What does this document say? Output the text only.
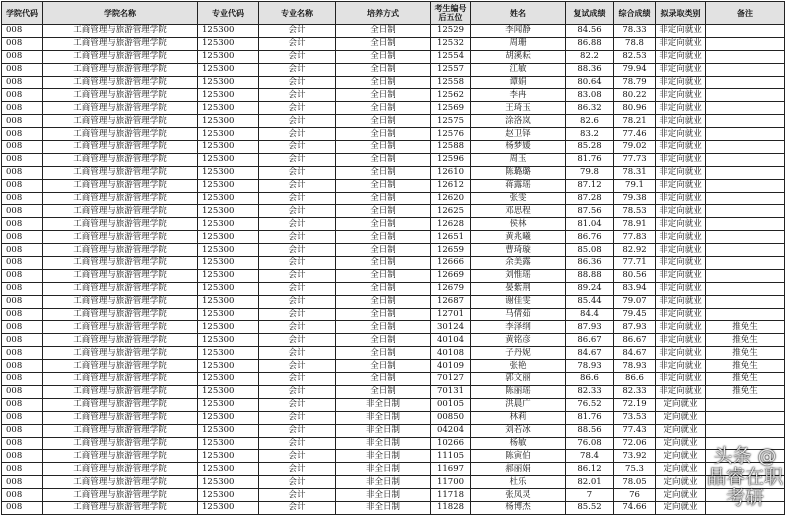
学院代码	学院名称	专业代码	专业名称	培养方式	考生编号后五位	姓名	复试成绩	综合成绩	拟录取类别	备注
008	工商管理与旅游管理学院	125300	会计	全日制	12529	李闻静	84.56	78.33	非定向就业	
008	工商管理与旅游管理学院	125300	会计	全日制	12532	周珊	86.88	78.8	非定向就业	
008	工商管理与旅游管理学院	125300	会计	全日制	12554	胡溪耘	82.2	82.53	非定向就业	
008	工商管理与旅游管理学院	125300	会计	全日制	12557	江敏	88.36	79.94	非定向就业	
008	工商管理与旅游管理学院	125300	会计	全日制	12558	谭娟	80.64	78.79	非定向就业	
008	工商管理与旅游管理学院	125300	会计	全日制	12562	李冉	83.08	80.22	非定向就业	
008	工商管理与旅游管理学院	125300	会计	全日制	12569	王琦玉	86.32	80.96	非定向就业	
008	工商管理与旅游管理学院	125300	会计	全日制	12575	涂洛岚	82.6	78.21	非定向就业	
008	工商管理与旅游管理学院	125300	会计	全日制	12576	赵卫铎	83.2	77.46	非定向就业	
008	工商管理与旅游管理学院	125300	会计	全日制	12588	杨梦媛	85.28	79.02	非定向就业	
008	工商管理与旅游管理学院	125300	会计	全日制	12596	周玉	81.76	77.73	非定向就业	
008	工商管理与旅游管理学院	125300	会计	全日制	12610	陈璐璐	79.8	78.31	非定向就业	
008	工商管理与旅游管理学院	125300	会计	全日制	12612	蒋露瑶	87.12	79.1	非定向就业	
008	工商管理与旅游管理学院	125300	会计	全日制	12620	张雯	87.28	79.38	非定向就业	
008	工商管理与旅游管理学院	125300	会计	全日制	12625	邓思程	87.56	78.53	非定向就业	
008	工商管理与旅游管理学院	125300	会计	全日制	12628	侯林	81.04	78.91	非定向就业	
008	工商管理与旅游管理学院	125300	会计	全日制	12651	黄兆曦	86.76	77.83	非定向就业	
008	工商管理与旅游管理学院	125300	会计	全日制	12659	曹琦璇	85.08	82.92	非定向就业	
008	工商管理与旅游管理学院	125300	会计	全日制	12666	余美露	86.36	77.71	非定向就业	
008	工商管理与旅游管理学院	125300	会计	全日制	12669	刘惟瑶	88.88	80.56	非定向就业	
008	工商管理与旅游管理学院	125300	会计	全日制	12679	晏紫荆	89.24	83.94	非定向就业	
008	工商管理与旅游管理学院	125300	会计	全日制	12687	谢佳雯	85.44	79.07	非定向就业	
008	工商管理与旅游管理学院	125300	会计	全日制	12701	马倩茹	84.4	79.45	非定向就业	
008	工商管理与旅游管理学院	125300	会计	全日制	30124	李泽纲	87.93	87.93	非定向就业	推免生
008	工商管理与旅游管理学院	125300	会计	全日制	40104	黄铭彦	86.67	86.67	非定向就业	推免生
008	工商管理与旅游管理学院	125300	会计	全日制	40108	子丹妮	84.67	84.67	非定向就业	推免生
008	工商管理与旅游管理学院	125300	会计	全日制	40109	张艳	78.93	78.93	非定向就业	推免生
008	工商管理与旅游管理学院	125300	会计	全日制	70127	郭文丽	86.6	86.6	非定向就业	推免生
008	工商管理与旅游管理学院	125300	会计	全日制	70131	陈丽瑶	82.33	82.33	非定向就业	推免生
008	工商管理与旅游管理学院	125300	会计	非全日制	00105	洪晨广	76.52	72.19	定向就业	
008	工商管理与旅游管理学院	125300	会计	非全日制	00850	林莉	81.76	73.53	定向就业	
008	工商管理与旅游管理学院	125300	会计	非全日制	04204	刘若冰	88.56	77.43	定向就业	
008	工商管理与旅游管理学院	125300	会计	非全日制	10266	杨敏	76.08	72.06	定向就业	
008	工商管理与旅游管理学院	125300	会计	非全日制	11105	陈寅伯	78.4	73.92	定向就业	
008	工商管理与旅游管理学院	125300	会计	非全日制	11697	郝丽娟	86.12	75.3	定向就业	
008	工商管理与旅游管理学院	125300	会计	非全日制	11700	杜乐	82.01	78.05	定向就业	
008	工商管理与旅游管理学院	125300	会计	非全日制	11718	张凤灵	7	76	定向就业	
008	工商管理与旅游管理学院	125300	会计	非全日制	11828	杨博杰	85.52	74.66	定向就业	
头条 @晶睿在职考研
